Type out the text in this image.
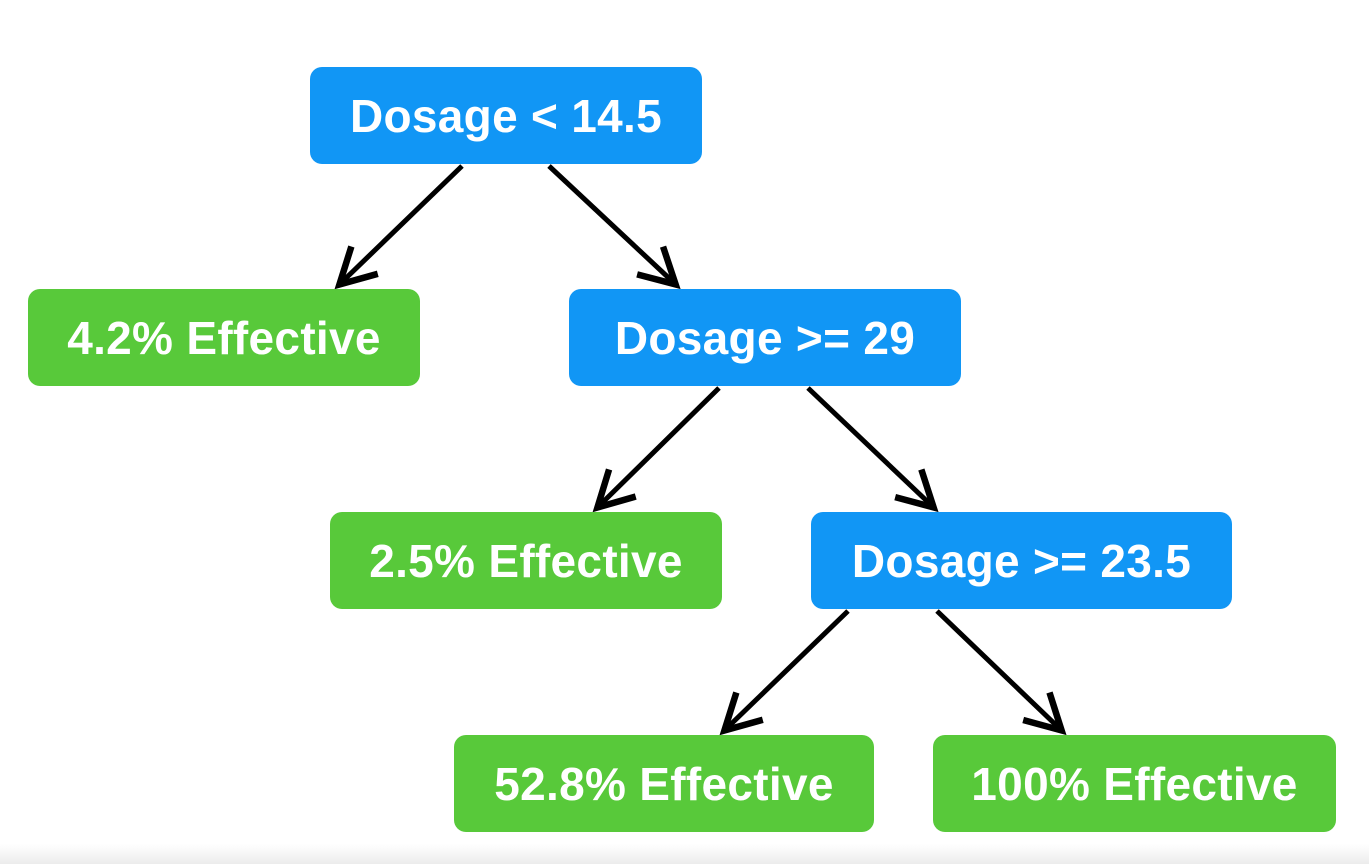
Dosage < 14.5
4.2% Effective	Dosage >= 29
2.5% Effective	Dosage >= 23.5
52.8% Effective	100% Effective
